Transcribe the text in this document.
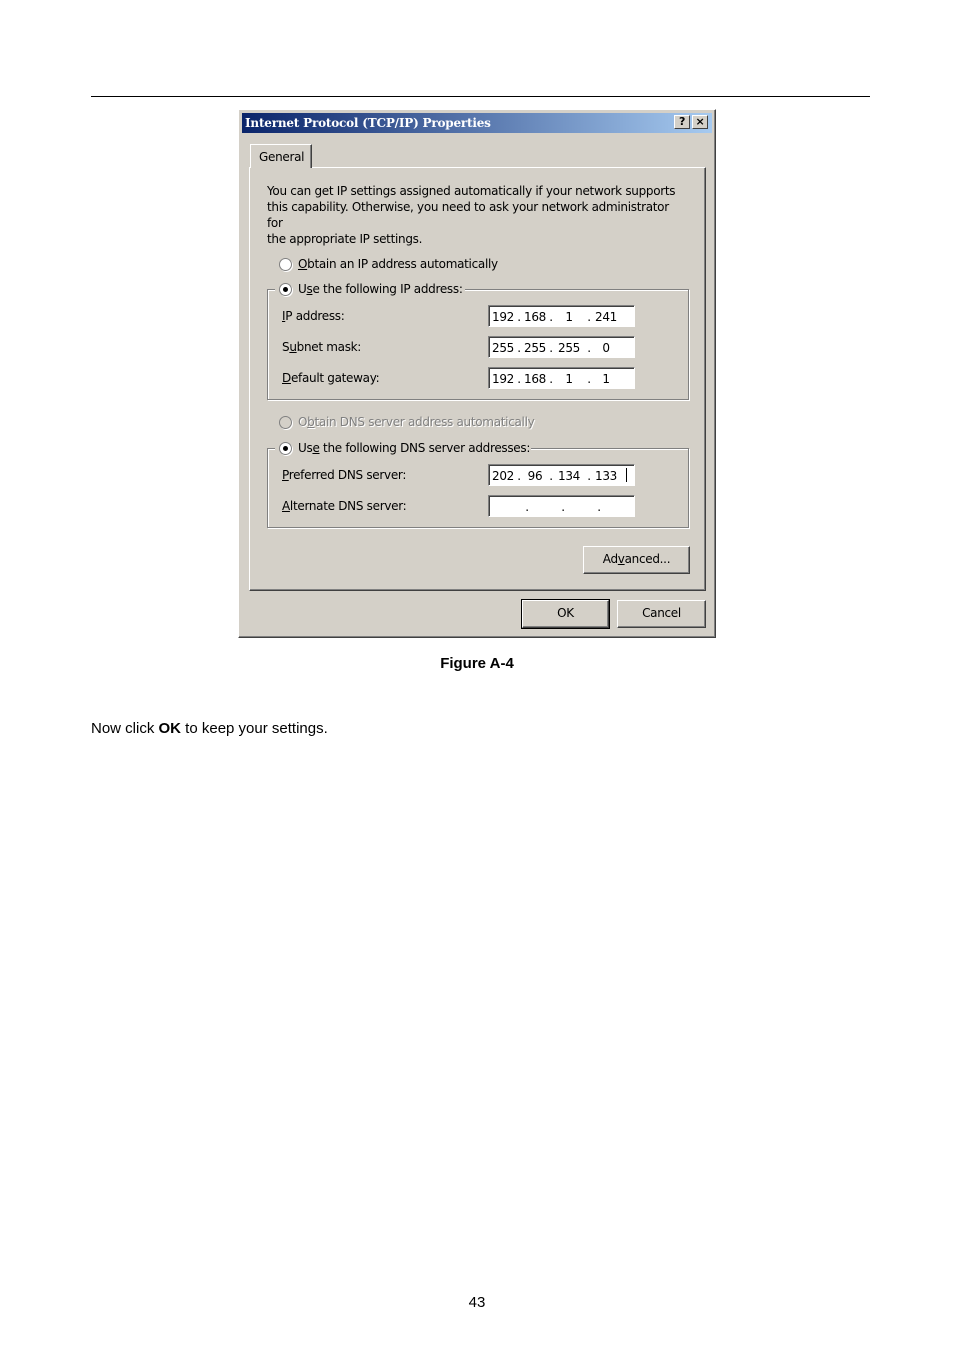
Internet Protocol (TCP/IP) Properties	? ×
General
You can get IP settings assigned automatically if your network supports
this capability. Otherwise, you need to ask your network administrator for
the appropriate IP settings.
Obtain an IP address automatically
Use the following IP address:
IP address:	192 . 168 .	1	. 241
Subnet mask:	255 . 255 . 255 . 0
Default gateway:	192 . 168 .	1	. 1
Obtain DNS server address automatically
Use the following DNS server addresses:
Preferred DNS server:	202 . 96 . 134 . 133
Alternate DNS server:	.	.	.
Advanced...
OK	Cancel
Figure A-4
Now click OK to keep your settings.
43
